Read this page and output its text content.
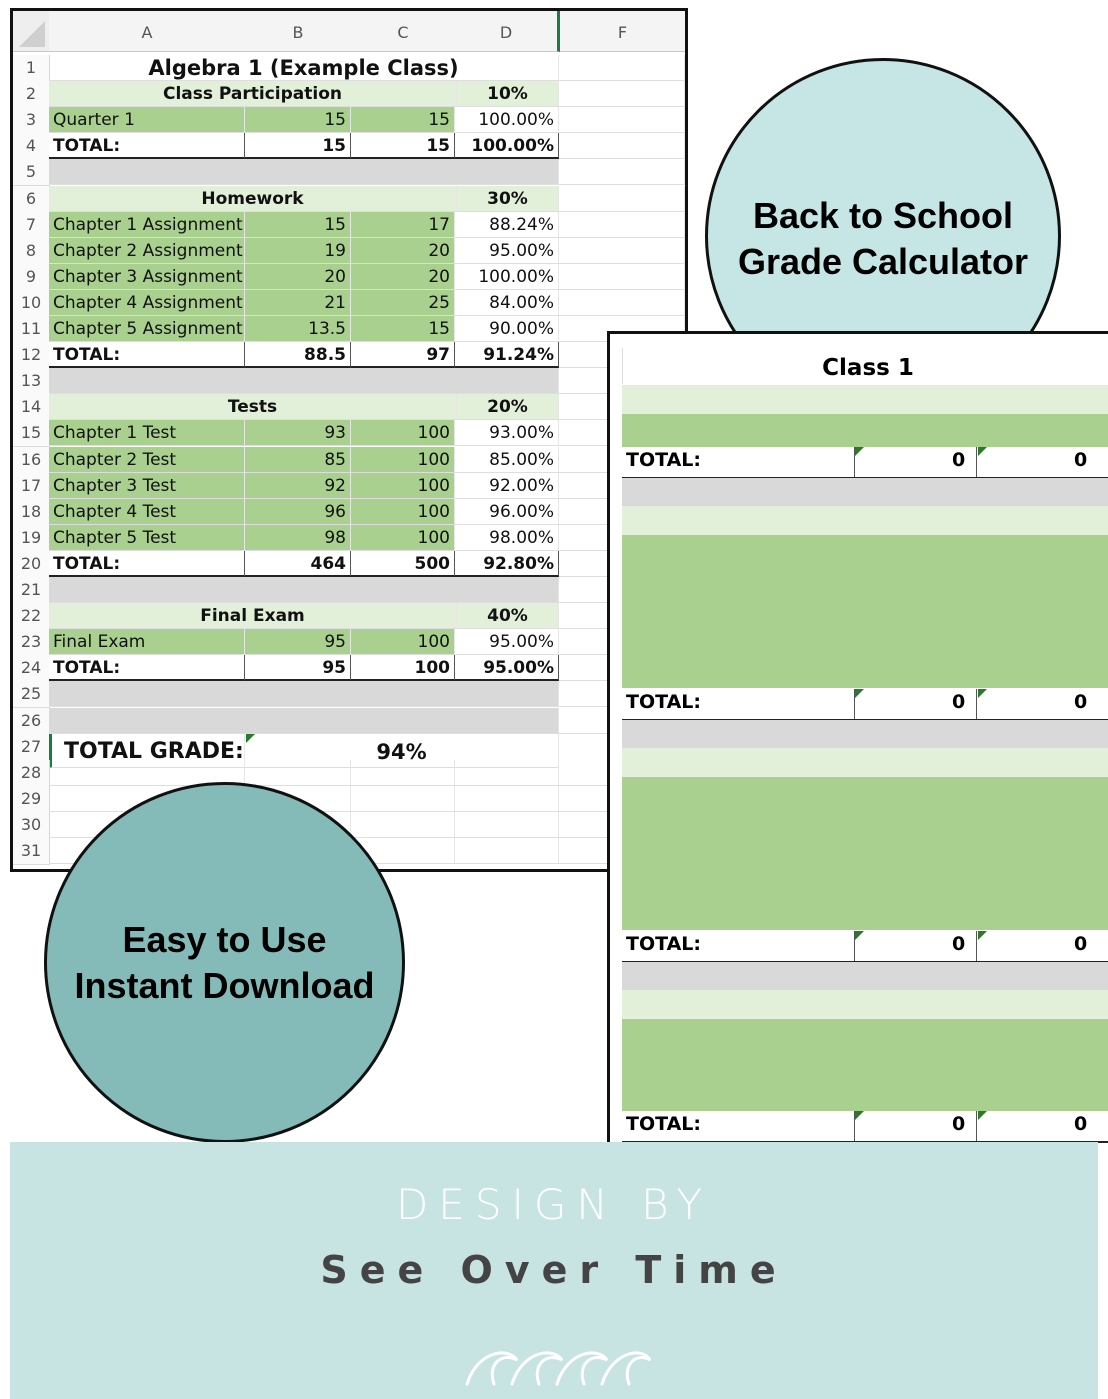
Back to School
Grade Calculator
A	B	C	D	F
1	Algebra 1 (Example Class)
2	Class Participation	10%
3 Quarter 1	15	15	100.00%
4 TOTAL:	15	15	100.00%
5
6	Homework	30%
7 Chapter 1 Assignment	15	17	88.24%
8 Chapter 2 Assignment	19	20	95.00%
9 Chapter 3 Assignment	20	20	100.00%
10 Chapter 4 Assignment	21	25	84.00%
11 Chapter 5 Assignment	13.5	15	90.00%
12 TOTAL:	88.5	97	91.24%
13
14	Tests	20%
15 Chapter 1 Test	93	100	93.00%
16 Chapter 2 Test	85	100	85.00%
17 Chapter 3 Test	92	100	92.00%
18 Chapter 4 Test	96	100	96.00%
19 Chapter 5 Test	98	100	98.00%
20 TOTAL:	464	500	92.80%
21
22	Final Exam	40%
23 Final Exam	95	100	95.00%
24 TOTAL:	95	100	95.00%
25
26
27	TOTAL GRADE:	94%
28
29
30
31
Class 1
TOTAL:	0	0
TOTAL:	0	0
TOTAL:	0	0
TOTAL:	0	0
Easy to Use
Instant Download
DESIGN BY
See Over Time
